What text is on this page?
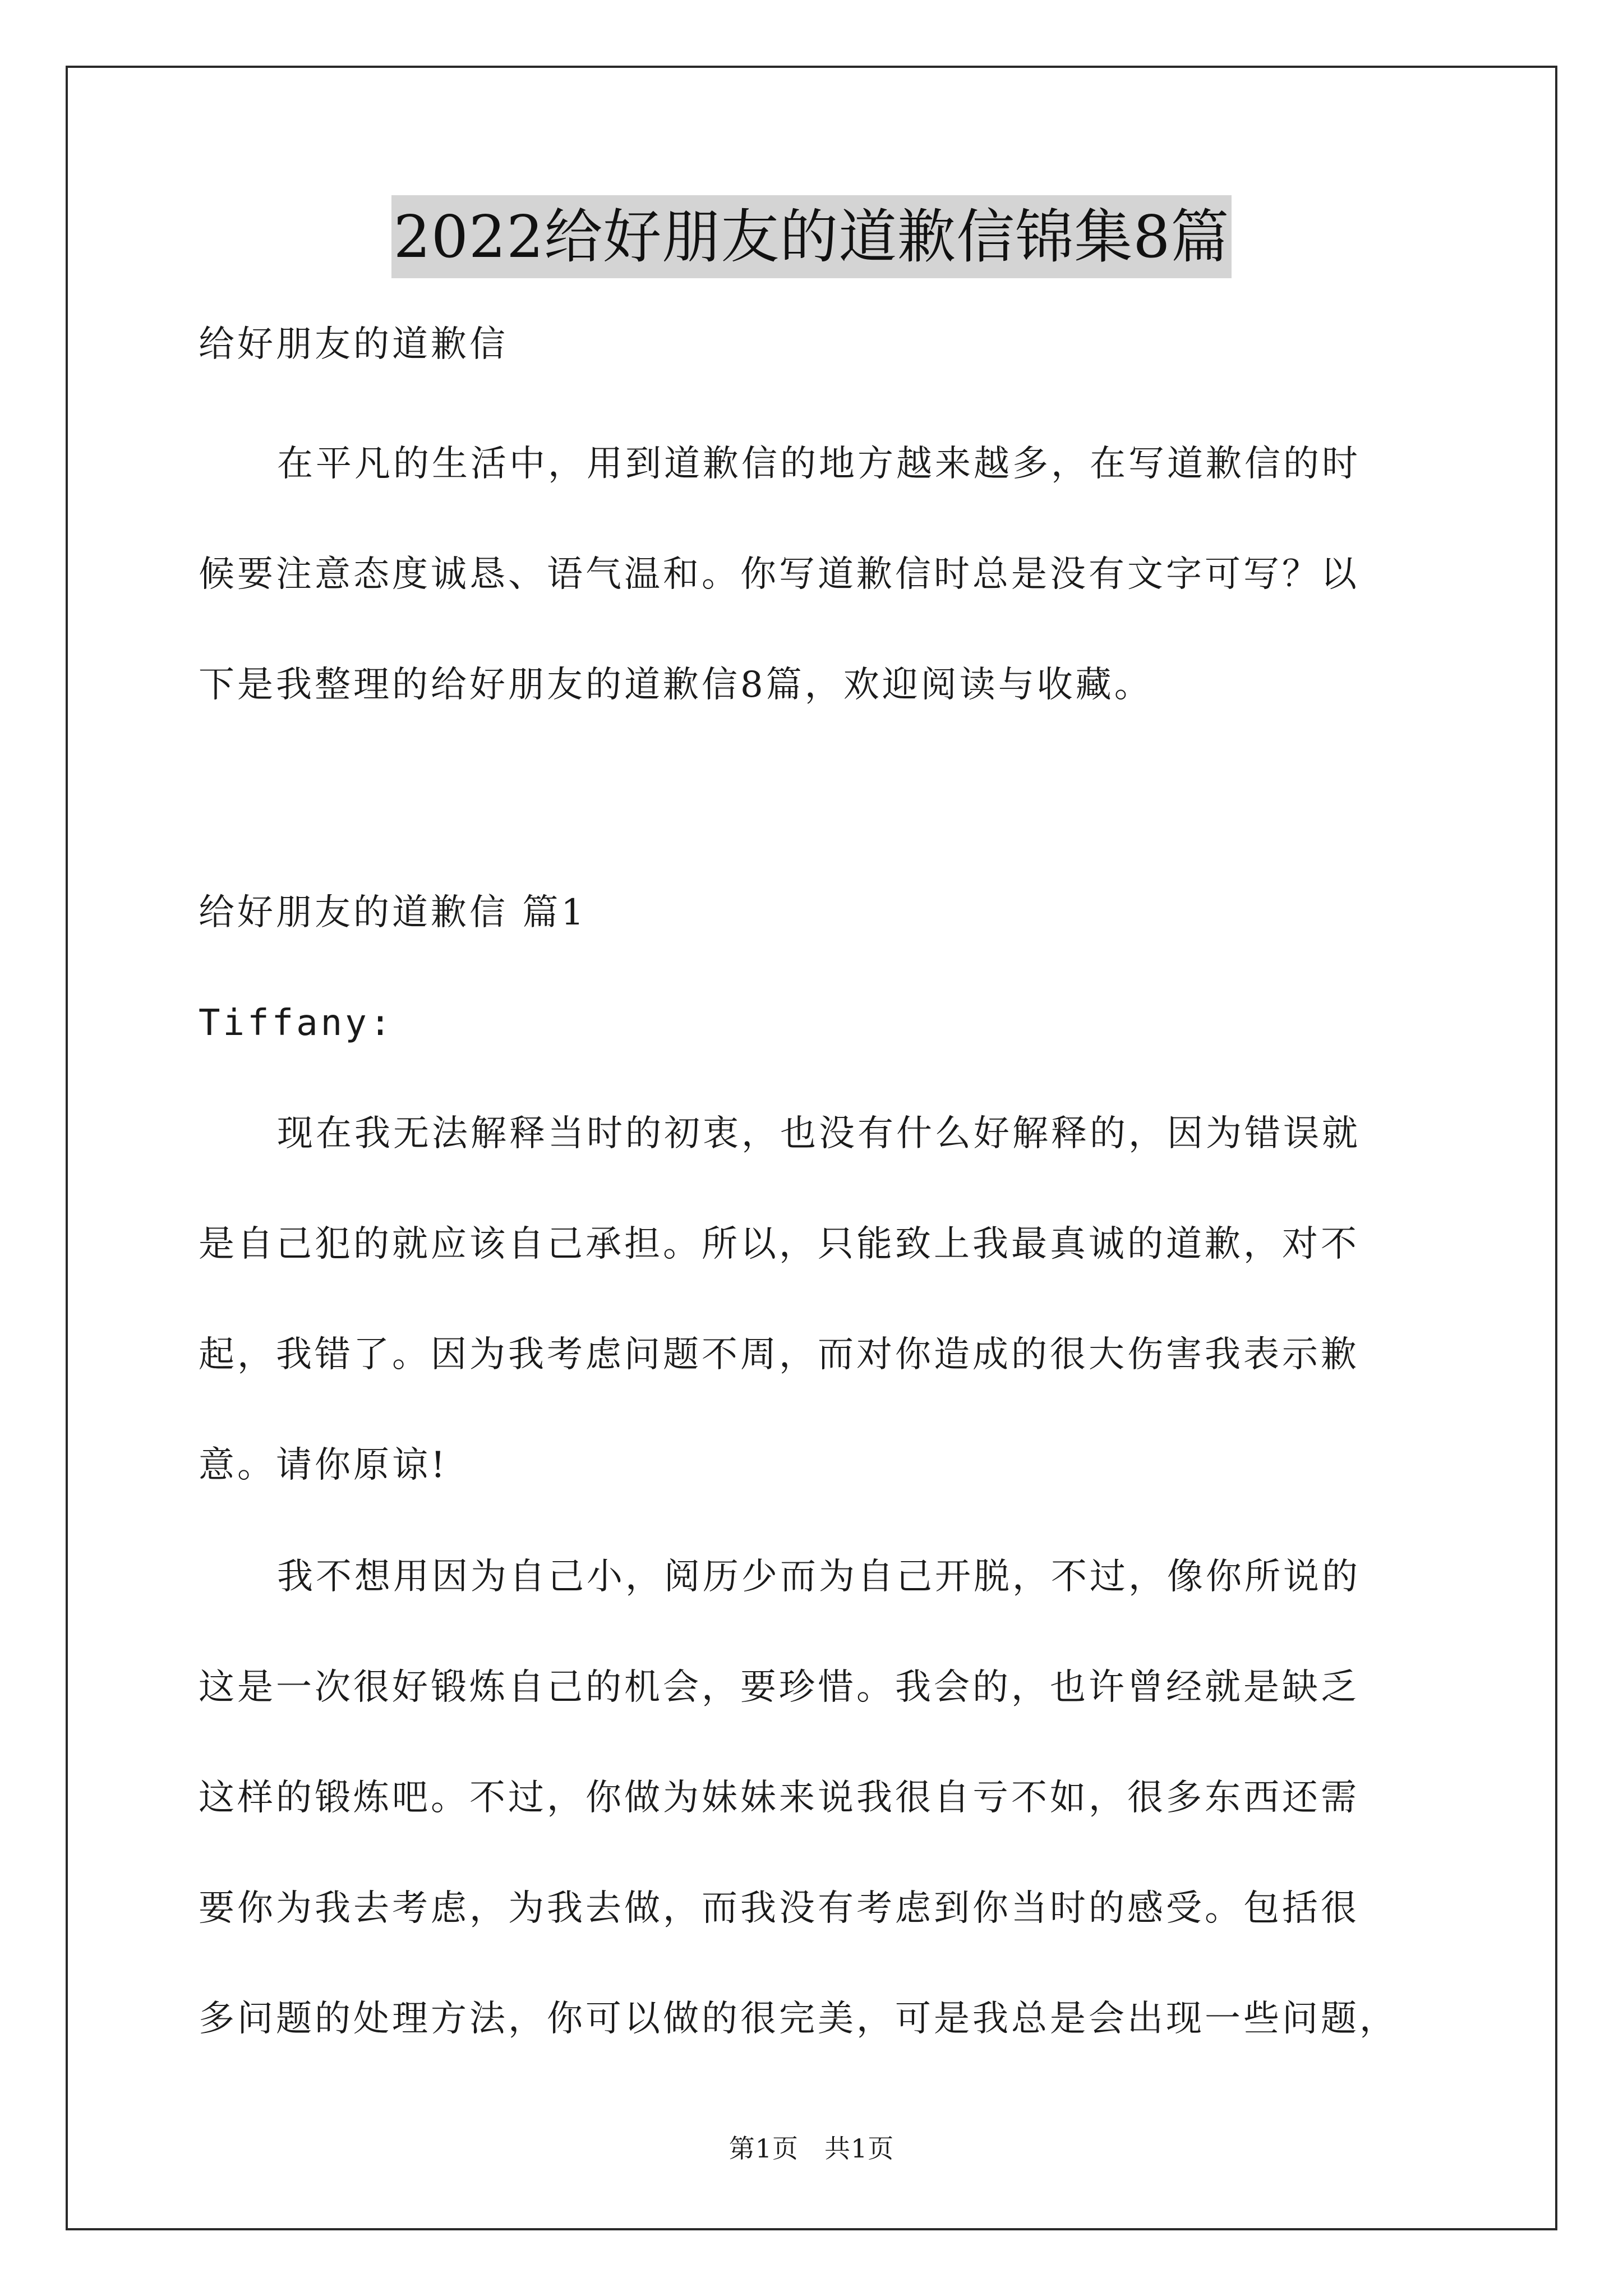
2022给好朋友的道歉信锦集8篇
给好朋友的道歉信
在平凡的生活中，用到道歉信的地方越来越多，在写道歉信的时
候要注意态度诚恳、语气温和。你写道歉信时总是没有文字可写？以
下是我整理的给好朋友的道歉信8篇，欢迎阅读与收藏。
给好朋友的道歉信 篇1
Tiffany:
现在我无法解释当时的初衷，也没有什么好解释的，因为错误就
是自己犯的就应该自己承担。所以，只能致上我最真诚的道歉，对不
起，我错了。因为我考虑问题不周，而对你造成的很大伤害我表示歉
意。请你原谅!
我不想用因为自己小，阅历少而为自己开脱，不过，像你所说的
这是一次很好锻炼自己的机会，要珍惜。我会的，也许曾经就是缺乏
这样的锻炼吧。不过，你做为妹妹来说我很自亏不如，很多东西还需
要你为我去考虑，为我去做，而我没有考虑到你当时的感受。包括很
多问题的处理方法，你可以做的很完美，可是我总是会出现一些问题，
第1页 共1页
